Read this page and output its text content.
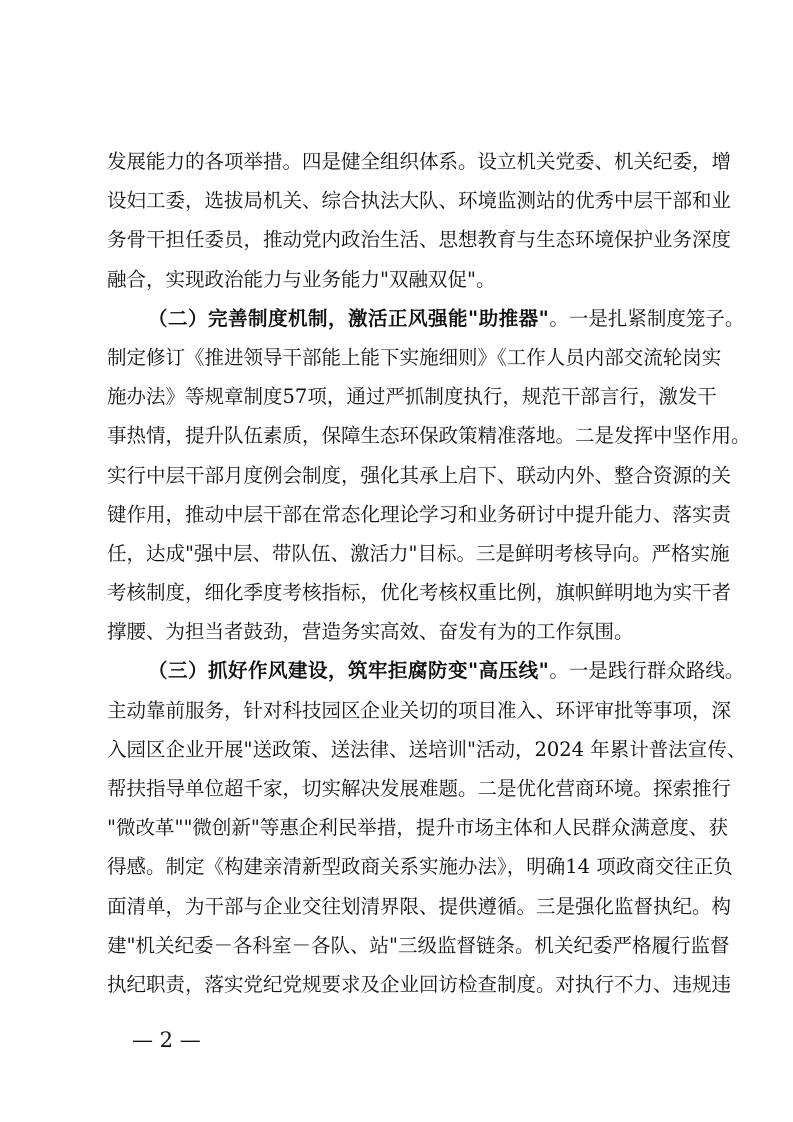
发展能力的各项举措。四是健全组织体系。设立机关党委、机关纪委，增
设妇工委，选拔局机关、综合执法大队、环境监测站的优秀中层干部和业
务骨干担任委员，推动党内政治生活、思想教育与生态环境保护业务深度
融合，实现政治能力与业务能力"双融双促"。
（二）完善制度机制，激活正风强能"助推器"。一是扎紧制度笼子。
制定修订《推进领导干部能上能下实施细则》《工作人员内部交流轮岗实
施办法》等规章制度57项，通过严抓制度执行，规范干部言行，激发干
事热情，提升队伍素质，保障生态环保政策精准落地。二是发挥中坚作用。
实行中层干部月度例会制度，强化其承上启下、联动内外、整合资源的关
键作用，推动中层干部在常态化理论学习和业务研讨中提升能力、落实责
任，达成"强中层、带队伍、激活力"目标。三是鲜明考核导向。严格实施
考核制度，细化季度考核指标，优化考核权重比例，旗帜鲜明地为实干者
撑腰、为担当者鼓劲，营造务实高效、奋发有为的工作氛围。
（三）抓好作风建设，筑牢拒腐防变"高压线"。一是践行群众路线。
主动靠前服务，针对科技园区企业关切的项目准入、环评审批等事项，深
入园区企业开展"送政策、送法律、送培训"活动，2024 年累计普法宣传、
帮扶指导单位超千家，切实解决发展难题。二是优化营商环境。探索推行
"微改革""微创新"等惠企利民举措，提升市场主体和人民群众满意度、获
得感。制定《构建亲清新型政商关系实施办法》，明确14 项政商交往正负
面清单，为干部与企业交往划清界限、提供遵循。三是强化监督执纪。构
建"机关纪委－各科室－各队、站"三级监督链条。机关纪委严格履行监督
执纪职责，落实党纪党规要求及企业回访检查制度。对执行不力、违规违
— 2 —
